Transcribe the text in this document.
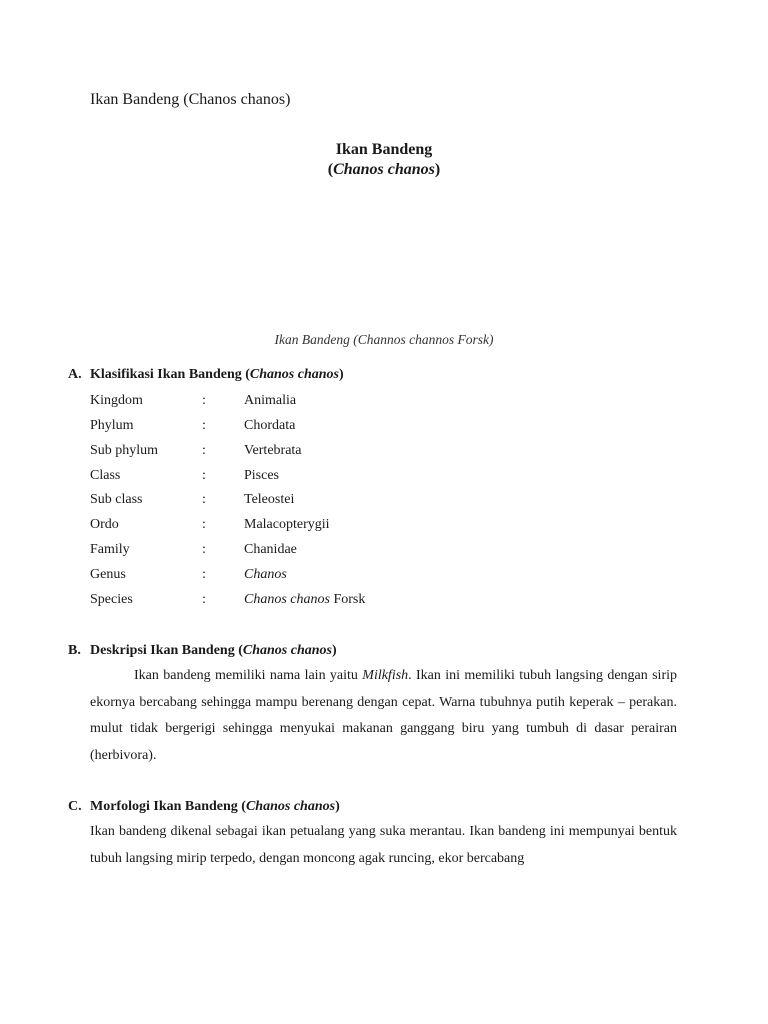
Ikan Bandeng (Chanos chanos)
Ikan Bandeng
(Chanos chanos)
Ikan Bandeng (Channos channos Forsk)
A. Klasifikasi Ikan Bandeng (Chanos chanos)
Kingdom	:	Animalia
Phylum	:	Chordata
Sub phylum	:	Vertebrata
Class	:	Pisces
Sub class	:	Teleostei
Ordo	:	Malacopterygii
Family	:	Chanidae
Genus	:	Chanos
Species	:	Chanos chanos Forsk
B. Deskripsi Ikan Bandeng (Chanos chanos)
Ikan bandeng memiliki nama lain yaitu Milkfish. Ikan ini memiliki tubuh langsing dengan sirip ekornya bercabang sehingga mampu berenang dengan cepat. Warna tubuhnya putih keperak – perakan. mulut tidak bergerigi sehingga menyukai makanan ganggang biru yang tumbuh di dasar perairan (herbivora).
C. Morfologi Ikan Bandeng (Chanos chanos)
Ikan bandeng dikenal sebagai ikan petualang yang suka merantau. Ikan bandeng ini mempunyai bentuk tubuh langsing mirip terpedo, dengan moncong agak runcing, ekor bercabang
